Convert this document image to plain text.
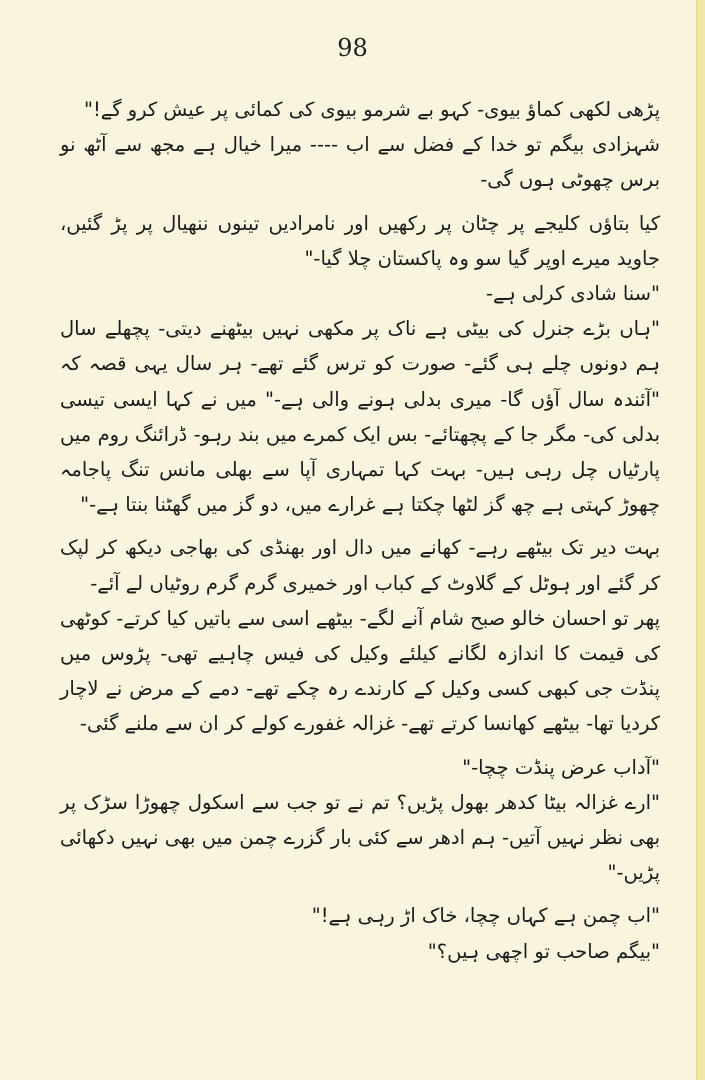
98

پڑھی لکھی کماؤ بیوی- کہو بے شرمو بیوی کی کمائی پر عیش کرو گے!"

شہزادی بیگم تو خدا کے فضل سے اب ---- میرا خیال ہے مجھ سے آٹھ نو برس چھوٹی ہوں گی-

کیا بتاؤں کلیجے پر چٹان پر رکھیں اور نامرادیں تینوں ننھیال پر پڑ گئیں، جاوید میرے اوپر گیا سو وہ پاکستان چلا گیا-"

"سنا شادی کرلی ہے-

"ہاں بڑے جنرل کی بیٹی ہے ناک پر مکھی نہیں بیٹھنے دیتی- پچھلے سال ہم دونوں چلے ہی گئے- صورت کو ترس گئے تھے- ہر سال یہی قصہ کہ "آئندہ سال آؤں گا- میری بدلی ہونے والی ہے-" میں نے کہا ایسی تیسی بدلی کی- مگر جا کے پچھتائے- بس ایک کمرے میں بند رہو- ڈرائنگ روم میں پارٹیاں چل رہی ہیں- بہت کہا تمہاری آپا سے بھلی مانس تنگ پاجامہ چھوڑ کہتی ہے چھ گز لٹھا چکتا ہے غرارے میں، دو گز میں گھٹنا بنتا ہے-"

بہت دیر تک بیٹھے رہے- کھانے میں دال اور بھنڈی کی بھاجی دیکھ کر لپک کر گئے اور ہوٹل کے گلاوٹ کے کباب اور خمیری گرم گرم روٹیاں لے آئے-

پھر تو احسان خالو صبح شام آنے لگے- بیٹھے اسی سے باتیں کیا کرتے- کوٹھی کی قیمت کا اندازہ لگانے کیلئے وکیل کی فیس چاہیے تھی- پڑوس میں پنڈت جی کبھی کسی وکیل کے کارندے رہ چکے تھے- دمے کے مرض نے لاچار کردیا تھا- بیٹھے کھانسا کرتے تھے- غزالہ غفورے کولے کر ان سے ملنے گئی-

"آداب عرض پنڈت چچا-"

"ارے غزالہ بیٹا کدھر بھول پڑیں؟ تم نے تو جب سے اسکول چھوڑا سڑک پر بھی نظر نہیں آتیں- ہم ادھر سے کئی بار گزرے چمن میں بھی نہیں دکھائی پڑیں-"

"اب چمن ہے کہاں چچا، خاک اڑ رہی ہے!"

"بیگم صاحب تو اچھی ہیں؟"
